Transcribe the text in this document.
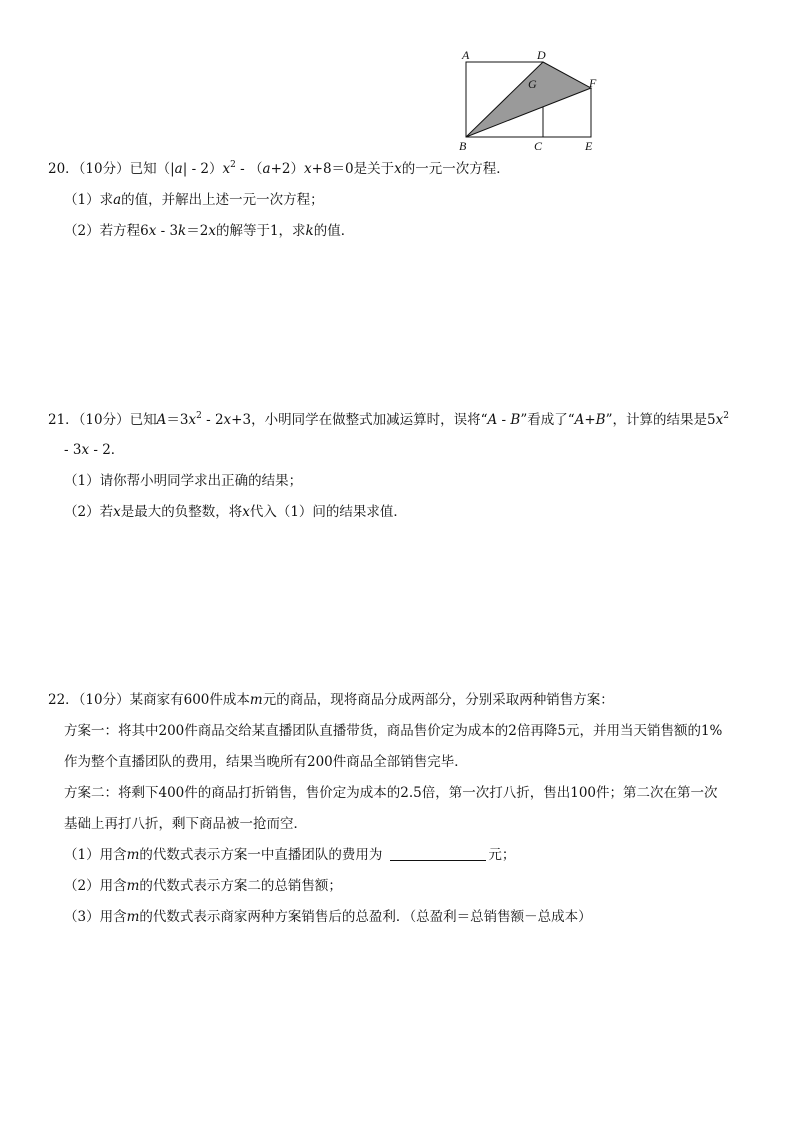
A	D
G	F
B	C	E
20．（10分）已知$(|a| - 2)x^2 - (a+2)x+8=0$是关于x的一元一次方程．
（1）求a的值，并解出上述一元一次方程；
（2）若方程6x - 3k＝2x的解等于1，求k的值．
21．（10分）已知$A=3x^2 - 2x+3$，小明同学在做整式加减运算时，误将“A - B”看成了“A+B”，计算的结果是$5x^2$
- 3x - 2．
（1）请你帮小明同学求出正确的结果；
（2）若x是最大的负整数，将x代入（1）问的结果求值．
22．（10分）某商家有600件成本m元的商品，现将商品分成两部分，分别采取两种销售方案：
方案一：将其中200件商品交给某直播团队直播带货，商品售价定为成本的2倍再降5元，并用当天销售额的1%
作为整个直播团队的费用，结果当晚所有200件商品全部销售完毕．
方案二：将剩下400件的商品打折销售，售价定为成本的2.5倍，第一次打八折，售出100件；第二次在第一次
基础上再打八折，剩下商品被一抢而空．
（1）用含m的代数式表示方案一中直播团队的费用为	元；
（2）用含m的代数式表示方案二的总销售额；
（3）用含m的代数式表示商家两种方案销售后的总盈利．（总盈利＝总销售额－总成本）
